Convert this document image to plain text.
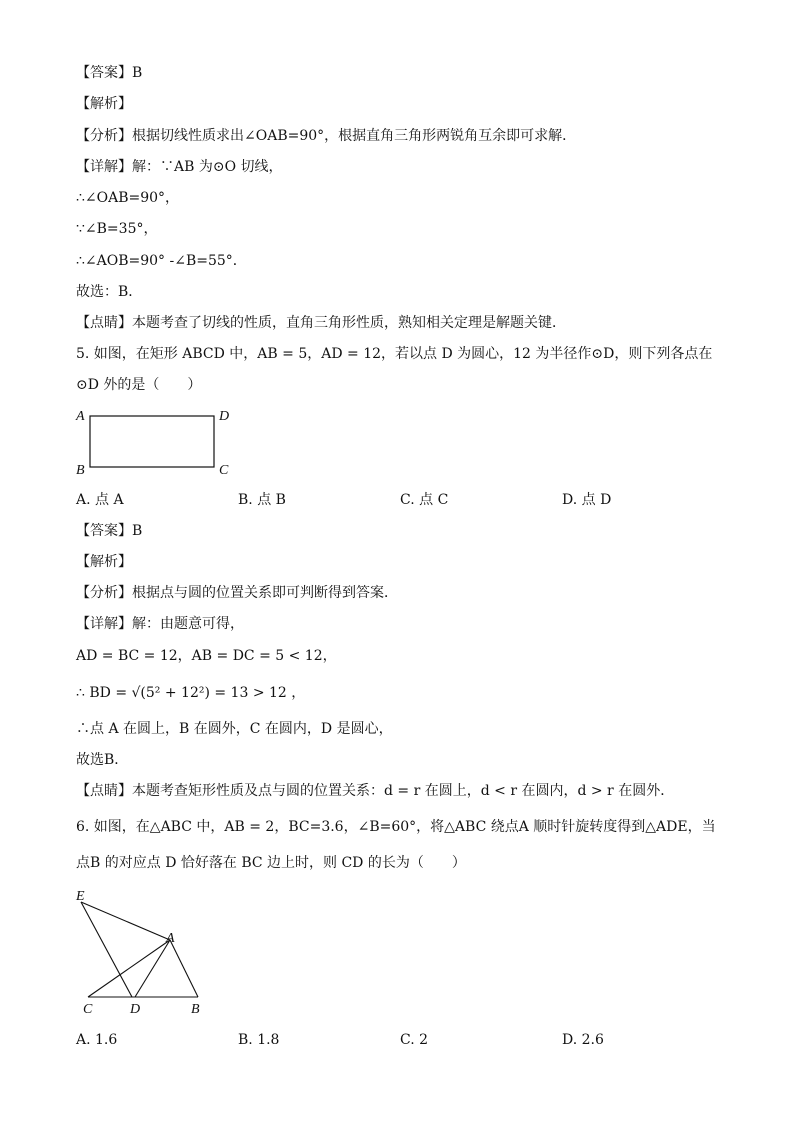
【答案】B
【解析】
【分析】根据切线性质求出∠OAB=90°，根据直角三角形两锐角互余即可求解．
【详解】解：∵AB 为⊙O 切线，
∴∠OAB=90°，
∵∠B=35°，
∴∠AOB=90° -∠B=55°．
故选：B．
【点睛】本题考查了切线的性质，直角三角形性质，熟知相关定理是解题关键．
5. 如图，在矩形 ABCD 中，AB = 5，AD = 12，若以点 D 为圆心，12 为半径作⊙D，则下列各点在
⊙D 外的是（　　）
A	D
B	C
A. 点 A	B. 点 B	C. 点 C	D. 点 D
【答案】B
【解析】
【分析】根据点与圆的位置关系即可判断得到答案．
【详解】解：由题意可得，
AD = BC = 12，AB = DC = 5 < 12，
∴ BD = √(5² + 12²) = 13 > 12 ，
∴点 A 在圆上，B 在圆外，C 在圆内，D 是圆心，
故选B．
【点睛】本题考查矩形性质及点与圆的位置关系：d = r 在圆上，d < r 在圆内，d > r 在圆外．
6. 如图，在△ABC 中，AB = 2，BC=3.6，∠B=60°，将△ABC 绕点A 顺时针旋转度得到△ADE，当
点B 的对应点 D 恰好落在 BC 边上时，则 CD 的长为（　　）
E
A
C	D	B
A. 1.6	B. 1.8	C. 2	D. 2.6
